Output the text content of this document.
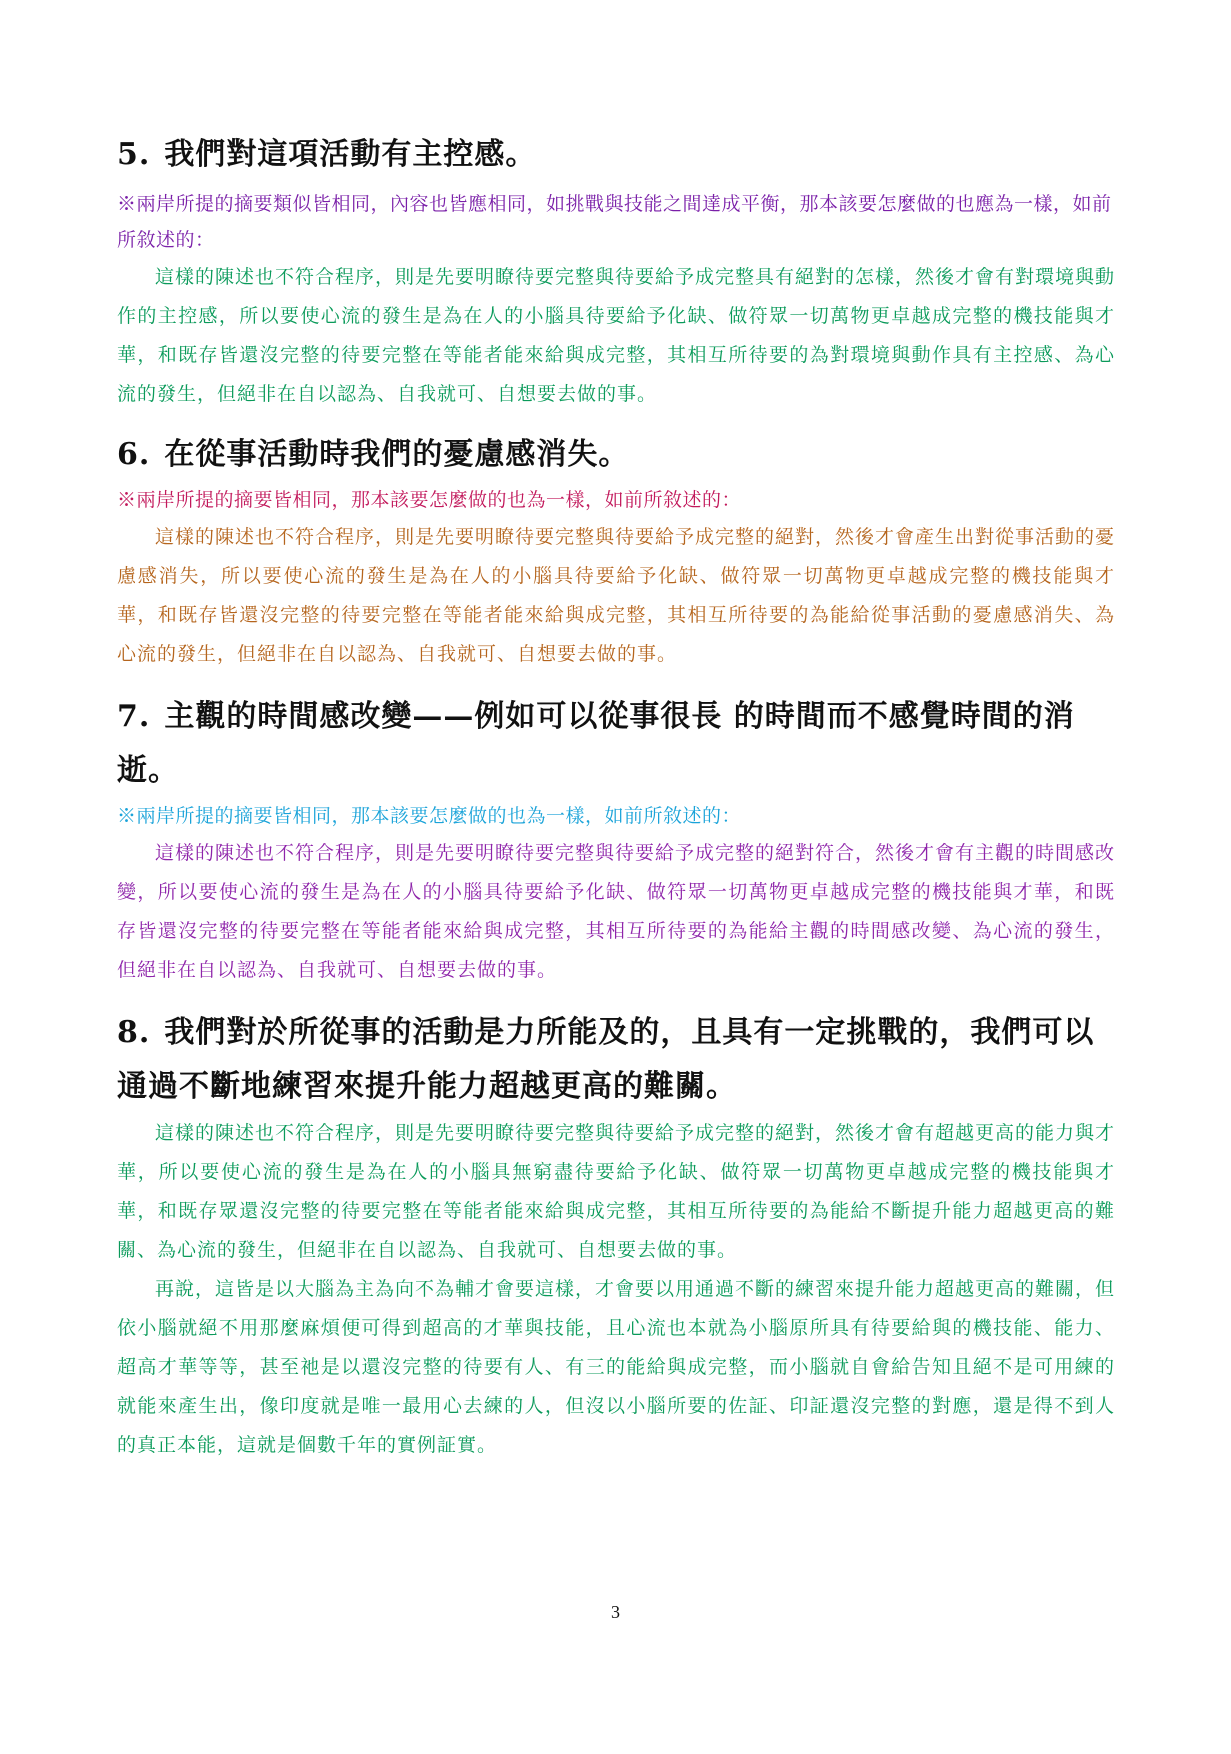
5. 我們對這項活動有主控感。

※兩岸所提的摘要類似皆相同，內容也皆應相同，如挑戰與技能之間達成平衡，那本該要怎麼做的也應為一樣，如前所敘述的：

這樣的陳述也不符合程序，則是先要明瞭待要完整與待要給予成完整具有絕對的怎樣，然後才會有對環境與動作的主控感，所以要使心流的發生是為在人的小腦具待要給予化缺、做符眾一切萬物更卓越成完整的機技能與才華，和既存皆還沒完整的待要完整在等能者能來給與成完整，其相互所待要的為對環境與動作具有主控感、為心流的發生，但絕非在自以認為、自我就可、自想要去做的事。

6. 在從事活動時我們的憂慮感消失。

※兩岸所提的摘要皆相同，那本該要怎麼做的也為一樣，如前所敘述的：

這樣的陳述也不符合程序，則是先要明瞭待要完整與待要給予成完整的絕對，然後才會產生出對從事活動的憂慮感消失，所以要使心流的發生是為在人的小腦具待要給予化缺、做符眾一切萬物更卓越成完整的機技能與才華，和既存皆還沒完整的待要完整在等能者能來給與成完整，其相互所待要的為能給從事活動的憂慮感消失、為心流的發生，但絕非在自以認為、自我就可、自想要去做的事。

7. 主觀的時間感改變——例如可以從事很長 的時間而不感覺時間的消逝。

※兩岸所提的摘要皆相同，那本該要怎麼做的也為一樣，如前所敘述的：

這樣的陳述也不符合程序，則是先要明瞭待要完整與待要給予成完整的絕對符合，然後才會有主觀的時間感改變，所以要使心流的發生是為在人的小腦具待要給予化缺、做符眾一切萬物更卓越成完整的機技能與才華，和既存皆還沒完整的待要完整在等能者能來給與成完整，其相互所待要的為能給主觀的時間感改變、為心流的發生，但絕非在自以認為、自我就可、自想要去做的事。

8. 我們對於所從事的活動是力所能及的，且具有一定挑戰的，我們可以通過不斷地練習來提升能力超越更高的難關。

這樣的陳述也不符合程序，則是先要明瞭待要完整與待要給予成完整的絕對，然後才會有超越更高的能力與才華，所以要使心流的發生是為在人的小腦具無窮盡待要給予化缺、做符眾一切萬物更卓越成完整的機技能與才華，和既存眾還沒完整的待要完整在等能者能來給與成完整，其相互所待要的為能給不斷提升能力超越更高的難關、為心流的發生，但絕非在自以認為、自我就可、自想要去做的事。

再說，這皆是以大腦為主為向不為輔才會要這樣，才會要以用通過不斷的練習來提升能力超越更高的難關，但依小腦就絕不用那麼麻煩便可得到超高的才華與技能，且心流也本就為小腦原所具有待要給與的機技能、能力、超高才華等等，甚至祂是以還沒完整的待要有人、有三的能給與成完整，而小腦就自會給告知且絕不是可用練的就能來產生出，像印度就是唯一最用心去練的人，但沒以小腦所要的佐証、印証還沒完整的對應，還是得不到人的真正本能，這就是個數千年的實例証實。

3
